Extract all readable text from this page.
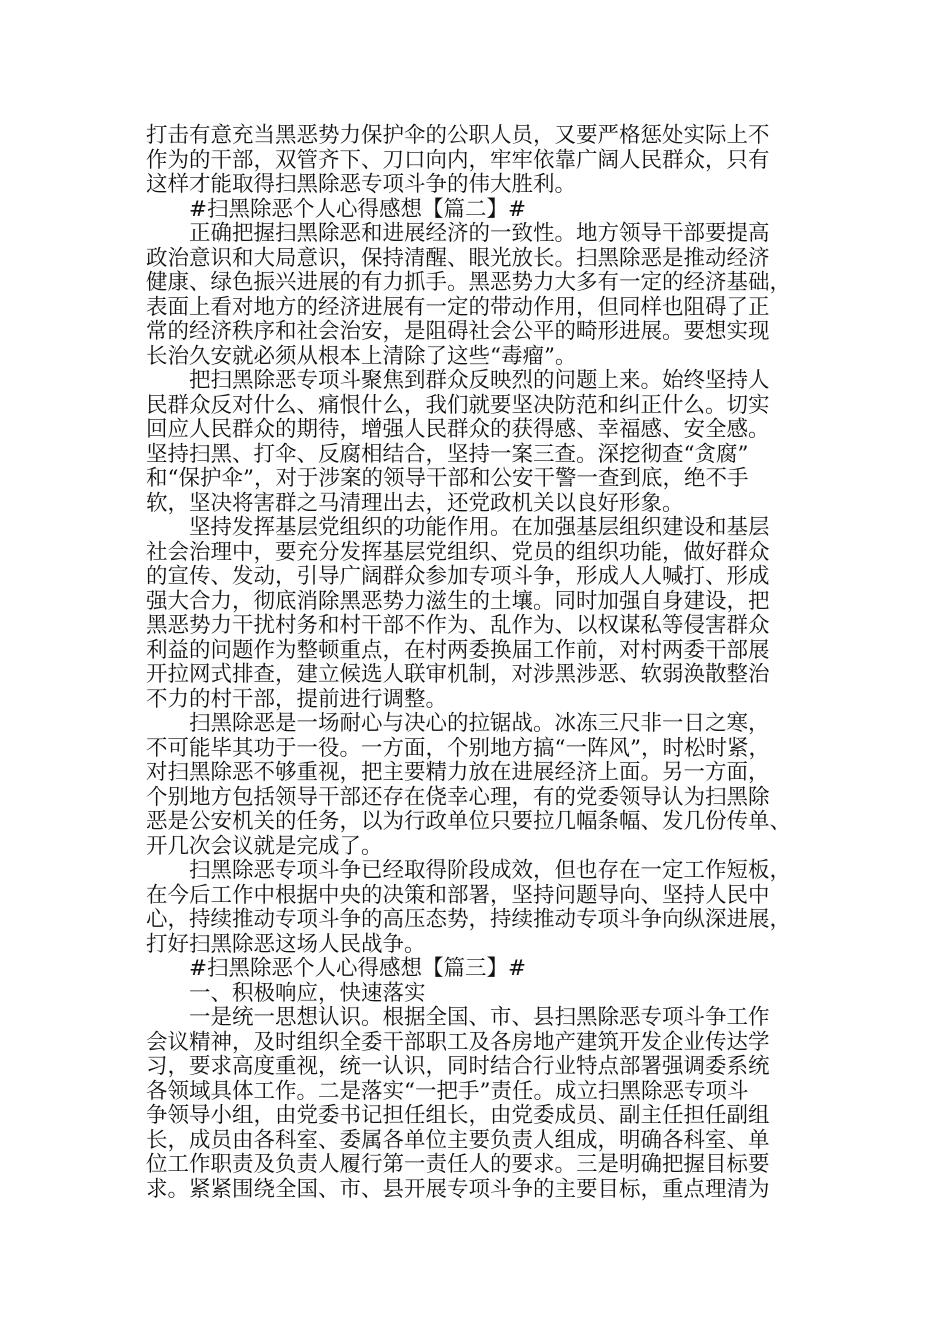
打击有意充当黑恶势力保护伞的公职人员，又要严格惩处实际上不
作为的干部，双管齐下、刀口向内，牢牢依靠广阔人民群众，只有
这样才能取得扫黑除恶专项斗争的伟大胜利。
#扫黑除恶个人心得感想【篇二】#
正确把握扫黑除恶和进展经济的一致性。地方领导干部要提高
政治意识和大局意识，保持清醒、眼光放长。扫黑除恶是推动经济
健康、绿色振兴进展的有力抓手。黑恶势力大多有一定的经济基础，
表面上看对地方的经济进展有一定的带动作用，但同样也阻碍了正
常的经济秩序和社会治安，是阻碍社会公平的畸形进展。要想实现
长治久安就必须从根本上清除了这些“毒瘤”。
把扫黑除恶专项斗聚焦到群众反映烈的问题上来。始终坚持人
民群众反对什么、痛恨什么，我们就要坚决防范和纠正什么。切实
回应人民群众的期待，增强人民群众的获得感、幸福感、安全感。
坚持扫黑、打伞、反腐相结合，坚持一案三查。深挖彻查“贪腐”
和“保护伞”，对于涉案的领导干部和公安干警一查到底，绝不手
软，坚决将害群之马清理出去，还党政机关以良好形象。
坚持发挥基层党组织的功能作用。在加强基层组织建设和基层
社会治理中，要充分发挥基层党组织、党员的组织功能，做好群众
的宣传、发动，引导广阔群众参加专项斗争，形成人人喊打、形成
强大合力，彻底消除黑恶势力滋生的土壤。同时加强自身建设，把
黑恶势力干扰村务和村干部不作为、乱作为、以权谋私等侵害群众
利益的问题作为整顿重点，在村两委换届工作前，对村两委干部展
开拉网式排查，建立候选人联审机制，对涉黑涉恶、软弱涣散整治
不力的村干部，提前进行调整。
扫黑除恶是一场耐心与决心的拉锯战。冰冻三尺非一日之寒，
不可能毕其功于一役。一方面，个别地方搞“一阵风”，时松时紧，
对扫黑除恶不够重视，把主要精力放在进展经济上面。另一方面，
个别地方包括领导干部还存在侥幸心理，有的党委领导认为扫黑除
恶是公安机关的任务，以为行政单位只要拉几幅条幅、发几份传单、
开几次会议就是完成了。
扫黑除恶专项斗争已经取得阶段成效，但也存在一定工作短板，
在今后工作中根据中央的决策和部署，坚持问题导向、坚持人民中
心，持续推动专项斗争的高压态势，持续推动专项斗争向纵深进展，
打好扫黑除恶这场人民战争。
#扫黑除恶个人心得感想【篇三】#
一、积极响应，快速落实
一是统一思想认识。根据全国、市、县扫黑除恶专项斗争工作
会议精神，及时组织全委干部职工及各房地产建筑开发企业传达学
习，要求高度重视，统一认识，同时结合行业特点部署强调委系统
各领域具体工作。二是落实“一把手”责任。成立扫黑除恶专项斗
争领导小组，由党委书记担任组长，由党委成员、副主任担任副组
长，成员由各科室、委属各单位主要负责人组成，明确各科室、单
位工作职责及负责人履行第一责任人的要求。三是明确把握目标要
求。紧紧围绕全国、市、县开展专项斗争的主要目标，重点理清为
